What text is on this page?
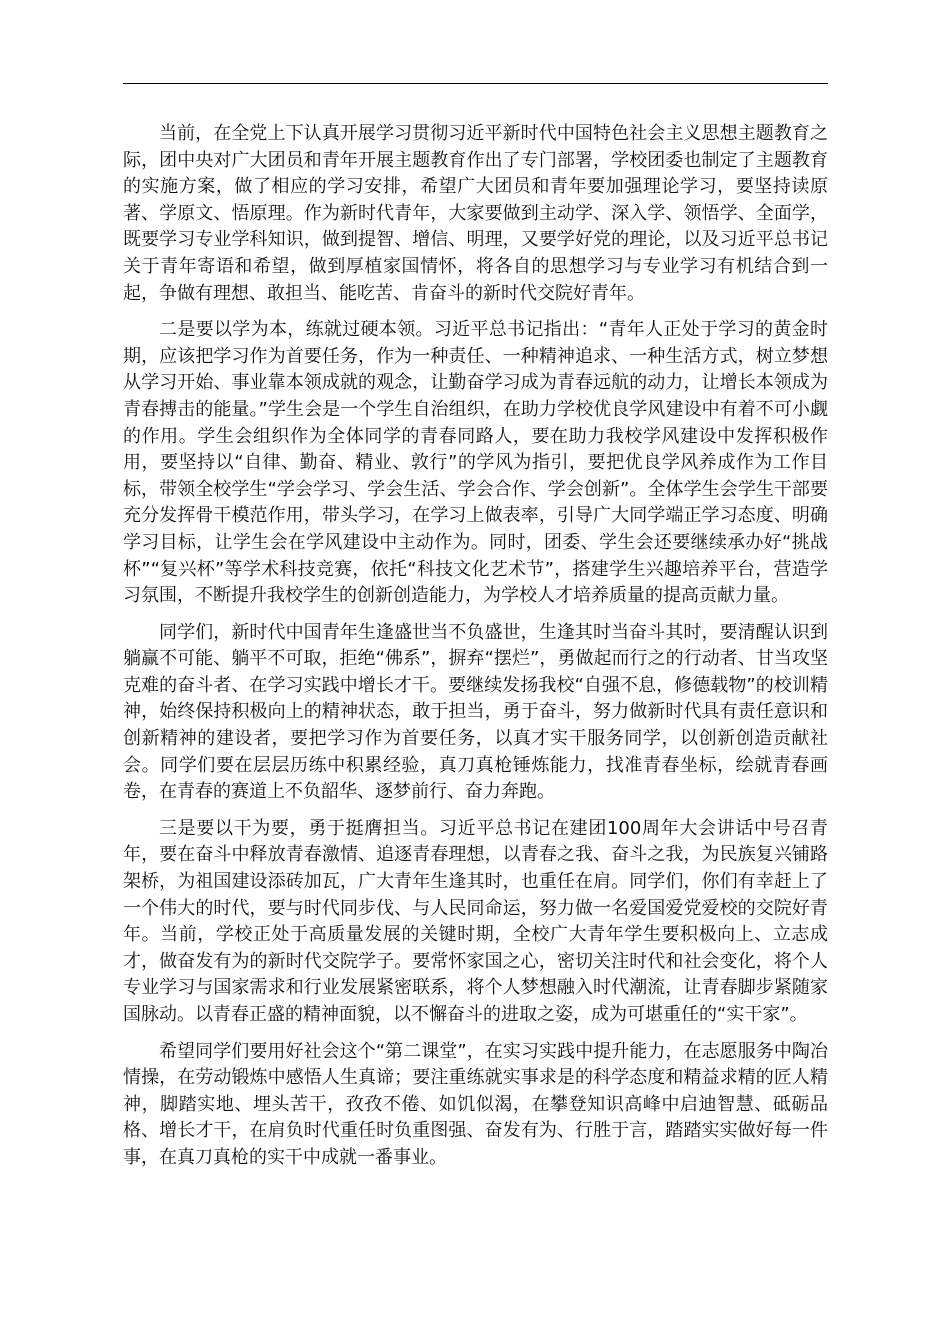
当前，在全党上下认真开展学习贯彻习近平新时代中国特色社会主义思想主题教育之际，团中央对广大团员和青年开展主题教育作出了专门部署，学校团委也制定了主题教育的实施方案，做了相应的学习安排，希望广大团员和青年要加强理论学习，要坚持读原著、学原文、悟原理。作为新时代青年，大家要做到主动学、深入学、领悟学、全面学，既要学习专业学科知识，做到提智、增信、明理，又要学好党的理论，以及习近平总书记关于青年寄语和希望，做到厚植家国情怀，将各自的思想学习与专业学习有机结合到一起，争做有理想、敢担当、能吃苦、肯奋斗的新时代交院好青年。

二是要以学为本，练就过硬本领。习近平总书记指出：“青年人正处于学习的黄金时期，应该把学习作为首要任务，作为一种责任、一种精神追求、一种生活方式，树立梦想从学习开始、事业靠本领成就的观念，让勤奋学习成为青春远航的动力，让增长本领成为青春搏击的能量。”学生会是一个学生自治组织，在助力学校优良学风建设中有着不可小觑的作用。学生会组织作为全体同学的青春同路人，要在助力我校学风建设中发挥积极作用，要坚持以“自律、勤奋、精业、敦行”的学风为指引，要把优良学风养成作为工作目标，带领全校学生“学会学习、学会生活、学会合作、学会创新”。全体学生会学生干部要充分发挥骨干模范作用，带头学习，在学习上做表率，引导广大同学端正学习态度、明确学习目标，让学生会在学风建设中主动作为。同时，团委、学生会还要继续承办好“挑战杯”“复兴杯”等学术科技竞赛，依托“科技文化艺术节”，搭建学生兴趣培养平台，营造学习氛围，不断提升我校学生的创新创造能力，为学校人才培养质量的提高贡献力量。

同学们，新时代中国青年生逢盛世当不负盛世，生逢其时当奋斗其时，要清醒认识到躺赢不可能、躺平不可取，拒绝“佛系”，摒弃“摆烂”，勇做起而行之的行动者、甘当攻坚克难的奋斗者、在学习实践中增长才干。要继续发扬我校“自强不息，修德载物”的校训精神，始终保持积极向上的精神状态，敢于担当，勇于奋斗，努力做新时代具有责任意识和创新精神的建设者，要把学习作为首要任务，以真才实干服务同学，以创新创造贡献社会。同学们要在层层历练中积累经验，真刀真枪锤炼能力，找准青春坐标，绘就青春画卷，在青春的赛道上不负韶华、逐梦前行、奋力奔跑。

三是要以干为要，勇于挺膺担当。习近平总书记在建团100周年大会讲话中号召青年，要在奋斗中释放青春激情、追逐青春理想，以青春之我、奋斗之我，为民族复兴铺路架桥，为祖国建设添砖加瓦，广大青年生逢其时，也重任在肩。同学们，你们有幸赶上了一个伟大的时代，要与时代同步伐、与人民同命运，努力做一名爱国爱党爱校的交院好青年。当前，学校正处于高质量发展的关键时期，全校广大青年学生要积极向上、立志成才，做奋发有为的新时代交院学子。要常怀家国之心，密切关注时代和社会变化，将个人专业学习与国家需求和行业发展紧密联系，将个人梦想融入时代潮流，让青春脚步紧随家国脉动。以青春正盛的精神面貌，以不懈奋斗的进取之姿，成为可堪重任的“实干家”。

希望同学们要用好社会这个“第二课堂”，在实习实践中提升能力，在志愿服务中陶冶情操，在劳动锻炼中感悟人生真谛；要注重练就实事求是的科学态度和精益求精的匠人精神，脚踏实地、埋头苦干，孜孜不倦、如饥似渴，在攀登知识高峰中启迪智慧、砥砺品格、增长才干，在肩负时代重任时负重图强、奋发有为、行胜于言，踏踏实实做好每一件事，在真刀真枪的实干中成就一番事业。
